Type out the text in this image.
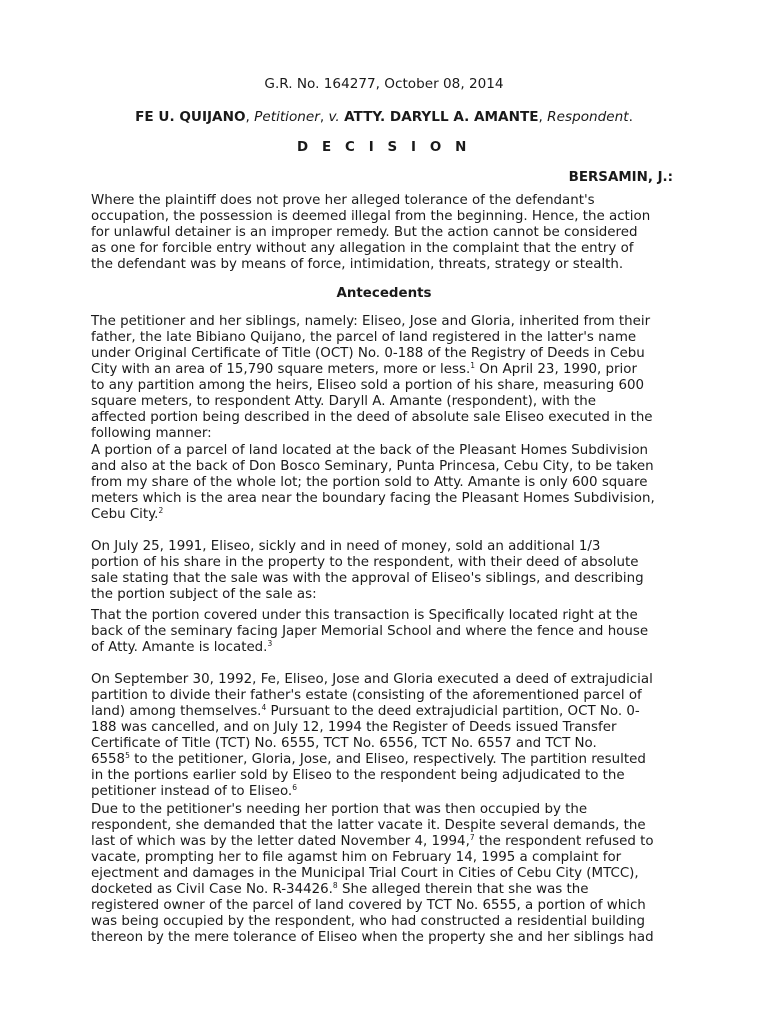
G.R. No. 164277, October 08, 2014
FE U. QUIJANO, Petitioner, v. ATTY. DARYLL A. AMANTE, Respondent.
D E C I S I O N
BERSAMIN, J.:
Where the plaintiff does not prove her alleged tolerance of the defendant's
occupation, the possession is deemed illegal from the beginning. Hence, the action
for unlawful detainer is an improper remedy. But the action cannot be considered
as one for forcible entry without any allegation in the complaint that the entry of
the defendant was by means of force, intimidation, threats, strategy or stealth.
Antecedents
The petitioner and her siblings, namely: Eliseo, Jose and Gloria, inherited from their
father, the late Bibiano Quijano, the parcel of land registered in the latter's name
under Original Certificate of Title (OCT) No. 0-188 of the Registry of Deeds in Cebu
City with an area of 15,790 square meters, more or less.$^1$ On April 23, 1990, prior
to any partition among the heirs, Eliseo sold a portion of his share, measuring 600
square meters, to respondent Atty. Daryll A. Amante (respondent), with the
affected portion being described in the deed of absolute sale Eliseo executed in the
following manner:
A portion of a parcel of land located at the back of the Pleasant Homes Subdivision
and also at the back of Don Bosco Seminary, Punta Princesa, Cebu City, to be taken
from my share of the whole lot; the portion sold to Atty. Amante is only 600 square
meters which is the area near the boundary facing the Pleasant Homes Subdivision,
Cebu City.$^2$
On July 25, 1991, Eliseo, sickly and in need of money, sold an additional 1/3
portion of his share in the property to the respondent, with their deed of absolute
sale stating that the sale was with the approval of Eliseo's siblings, and describing
the portion subject of the sale as:
That the portion covered under this transaction is Specifically located right at the
back of the seminary facing Japer Memorial School and where the fence and house
of Atty. Amante is located.$^3$
On September 30, 1992, Fe, Eliseo, Jose and Gloria executed a deed of extrajudicial
partition to divide their father's estate (consisting of the aforementioned parcel of
land) among themselves.$^4$ Pursuant to the deed extrajudicial partition, OCT No. 0-
188 was cancelled, and on July 12, 1994 the Register of Deeds issued Transfer
Certificate of Title (TCT) No. 6555, TCT No. 6556, TCT No. 6557 and TCT No.
6558$^5$ to the petitioner, Gloria, Jose, and Eliseo, respectively. The partition resulted
in the portions earlier sold by Eliseo to the respondent being adjudicated to the
petitioner instead of to Eliseo.$^6$
Due to the petitioner's needing her portion that was then occupied by the
respondent, she demanded that the latter vacate it. Despite several demands, the
last of which was by the letter dated November 4, 1994,$^7$ the respondent refused to
vacate, prompting her to file agamst him on February 14, 1995 a complaint for
ejectment and damages in the Municipal Trial Court in Cities of Cebu City (MTCC),
docketed as Civil Case No. R-34426.$^8$ She alleged therein that she was the
registered owner of the parcel of land covered by TCT No. 6555, a portion of which
was being occupied by the respondent, who had constructed a residential building
thereon by the mere tolerance of Eliseo when the property she and her siblings had
